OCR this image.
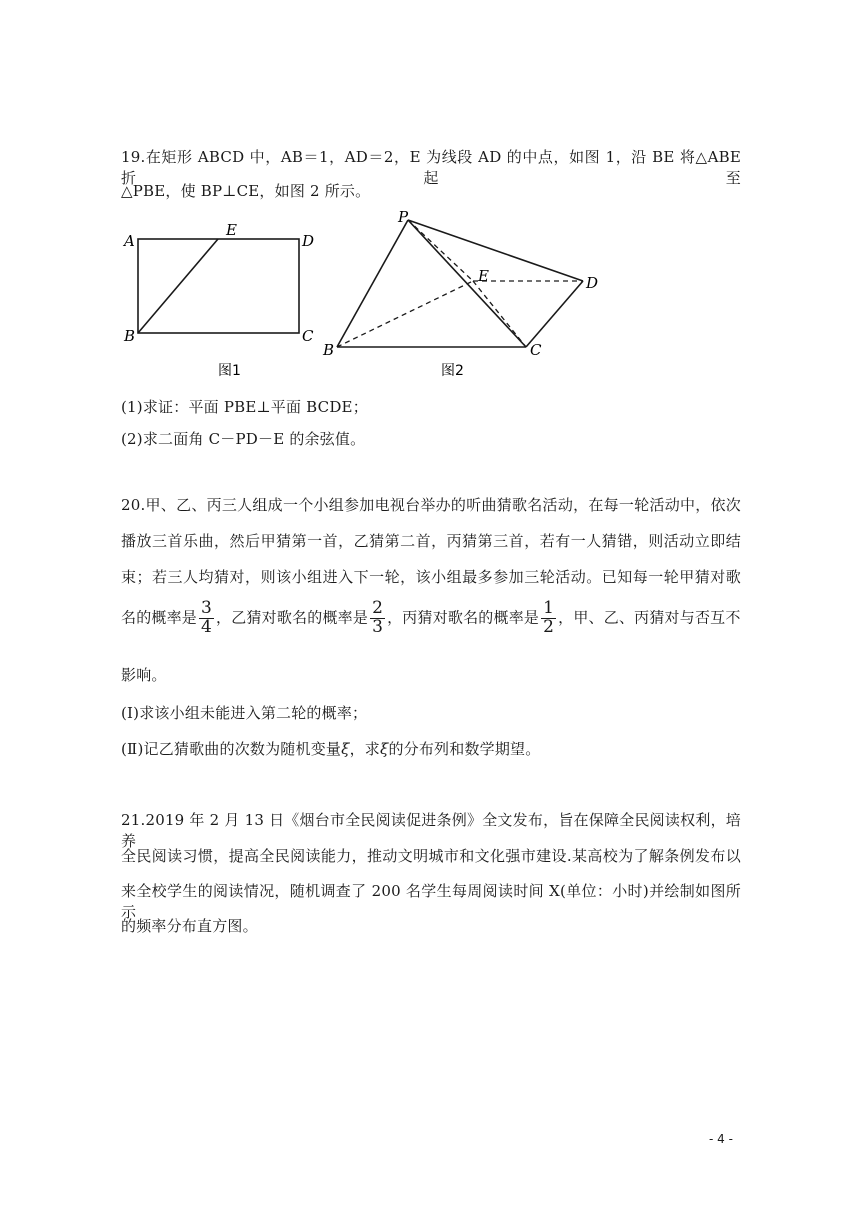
19.在矩形 ABCD 中，AB＝1，AD＝2，E 为线段 AD 的中点，如图 1，沿 BE 将△ABE 折起至
△PBE，使 BP⊥CE，如图 2 所示。
A
E
D
B	C
图1
P
E	D
B	C
图2
(1)求证：平面 PBE⊥平面 BCDE；
(2)求二面角 C－PD－E 的余弦值。
20.甲、乙、丙三人组成一个小组参加电视台举办的听曲猜歌名活动，在每一轮活动中，依次
播放三首乐曲，然后甲猜第一首，乙猜第二首，丙猜第三首，若有一人猜错，则活动立即结
束；若三人均猜对，则该小组进入下一轮，该小组最多参加三轮活动。已知每一轮甲猜对歌
名的概率是 $\frac{3}{4}$ ，乙猜对歌名的概率是 $\frac{2}{3}$ ，丙猜对歌名的概率是 $\frac{1}{2}$ ，甲、乙、丙猜对与否互不
影响。
(I)求该小组未能进入第二轮的概率；
(Ⅱ)记乙猜歌曲的次数为随机变量ξ，求ξ的分布列和数学期望。
21.2019 年 2 月 13 日《烟台市全民阅读促进条例》全文发布，旨在保障全民阅读权利，培养
全民阅读习惯，提高全民阅读能力，推动文明城市和文化强市建设.某高校为了解条例发布以
来全校学生的阅读情况，随机调查了 200 名学生每周阅读时间 X(单位：小时)并绘制如图所示
的频率分布直方图。
- 4 -
